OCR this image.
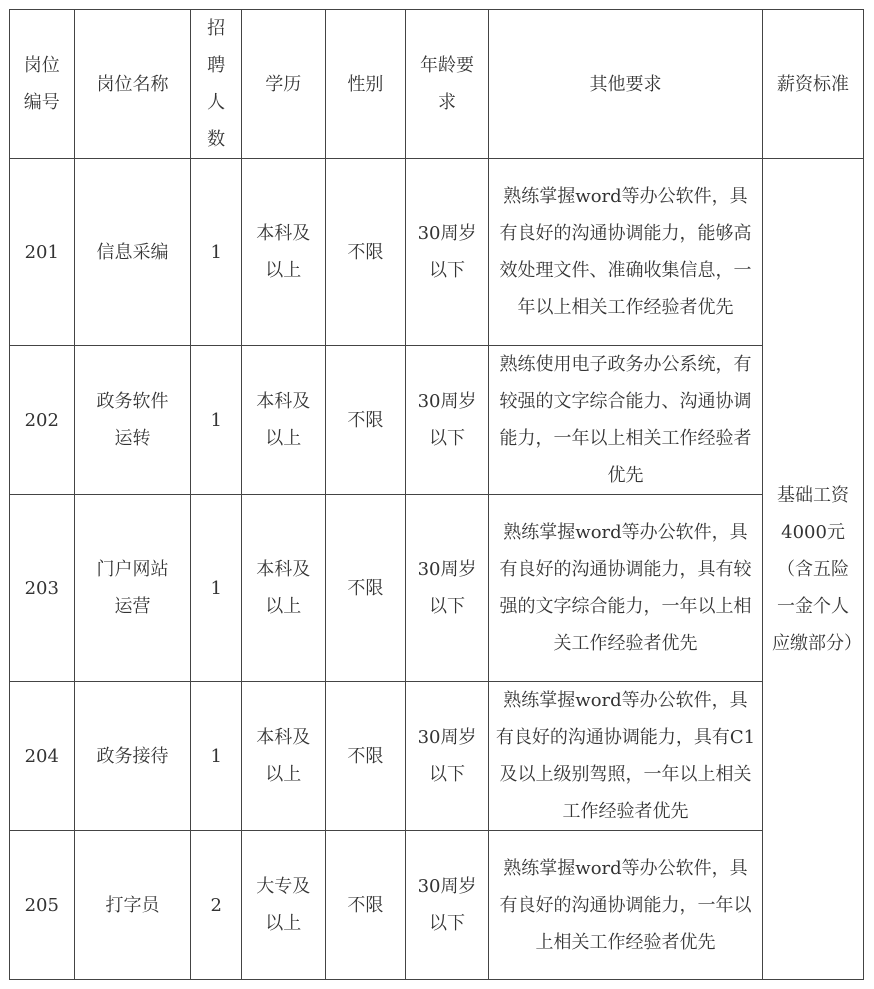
岗位编号	岗位名称	招聘人数	学历	性别	年龄要求	其他要求	薪资标准
201	信息采编	1	本科及以上	不限	30周岁以下	熟练掌握word等办公软件，具有良好的沟通协调能力，能够高效处理文件、准确收集信息，一年以上相关工作经验者优先	基础工资4000元（含五险一金个人应缴部分）
202	政务软件运转	1	本科及以上	不限	30周岁以下	熟练使用电子政务办公系统，有较强的文字综合能力、沟通协调能力，一年以上相关工作经验者优先	
203	门户网站运营	1	本科及以上	不限	30周岁以下	熟练掌握word等办公软件，具有良好的沟通协调能力，具有较强的文字综合能力，一年以上相关工作经验者优先	
204	政务接待	1	本科及以上	不限	30周岁以下	熟练掌握word等办公软件，具有良好的沟通协调能力，具有C1及以上级别驾照，一年以上相关工作经验者优先	
205	打字员	2	大专及以上	不限	30周岁以下	熟练掌握word等办公软件，具有良好的沟通协调能力，一年以上相关工作经验者优先	
